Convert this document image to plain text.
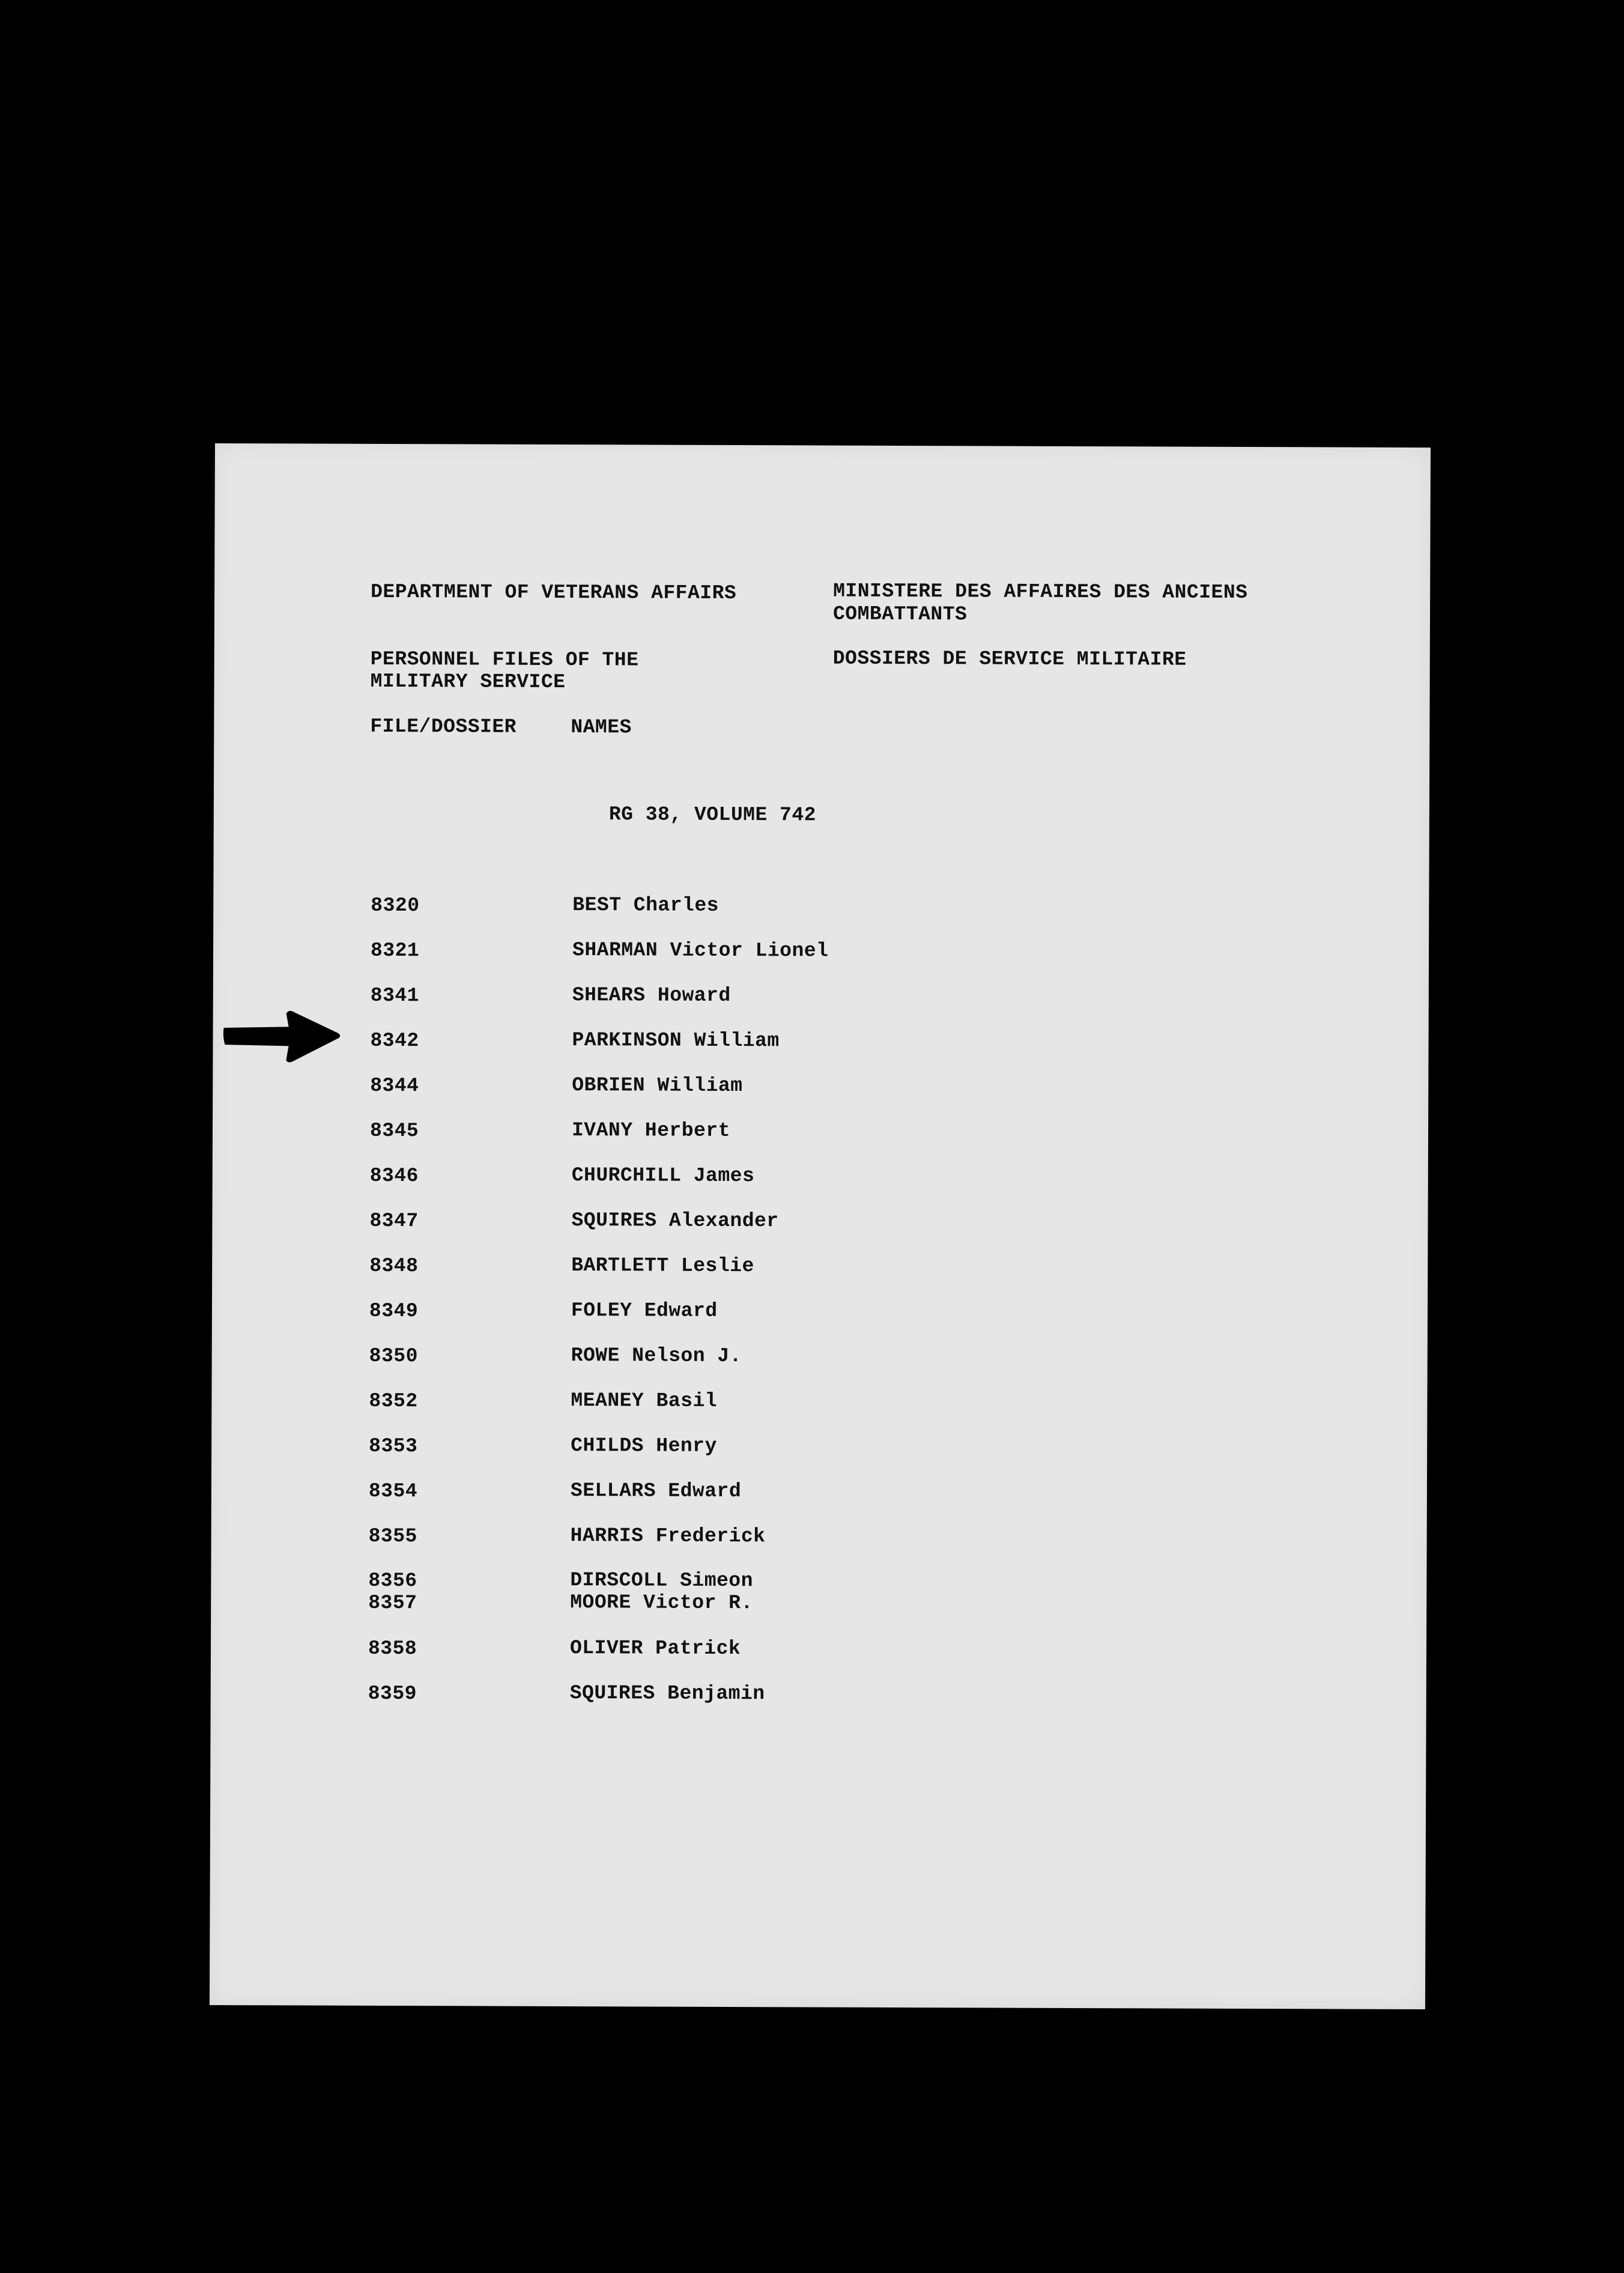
DEPARTMENT OF VETERANS AFFAIRS	MINISTERE DES AFFAIRES DES ANCIENS
COMBATTANTS
PERSONNEL FILES OF THE
MILITARY SERVICE
DOSSIERS DE SERVICE MILITAIRE
FILE/DOSSIER	NAMES
RG 38, VOLUME 742
8320	BEST Charles
8321	SHARMAN Victor Lionel
8341	SHEARS Howard
8342	PARKINSON William
8344	OBRIEN William
8345	IVANY Herbert
8346	CHURCHILL James
8347	SQUIRES Alexander
8348	BARTLETT Leslie
8349	FOLEY Edward
8350	ROWE Nelson J.
8352	MEANEY Basil
8353	CHILDS Henry
8354	SELLARS Edward
8355	HARRIS Frederick
8356	DIRSCOLL Simeon
8357	MOORE Victor R.
8358	OLIVER Patrick
8359	SQUIRES Benjamin
